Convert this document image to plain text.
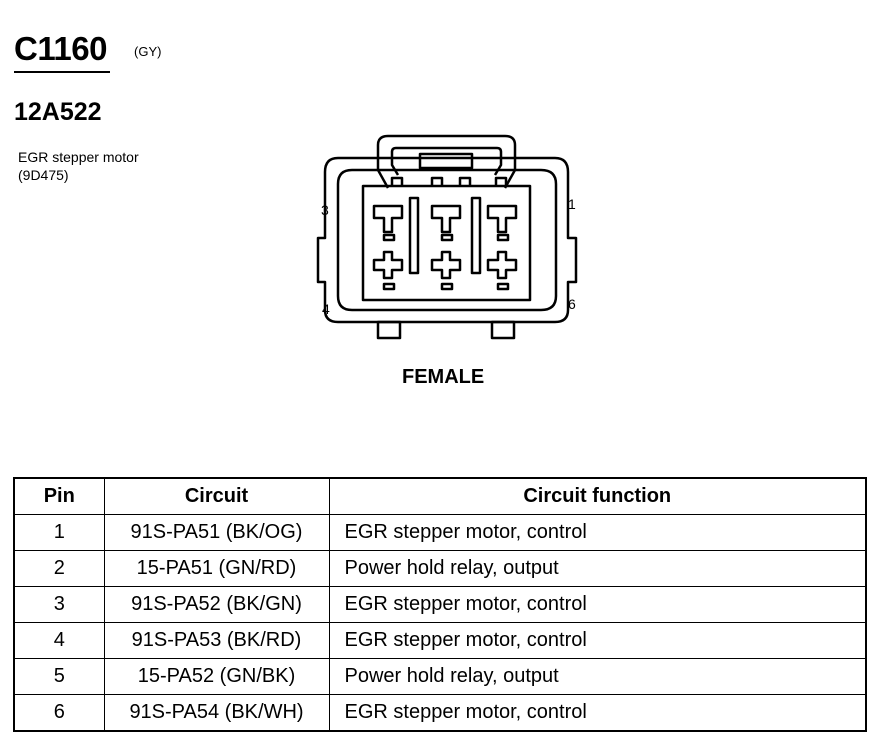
C1160 (GY)
12A522
EGR stepper motor
(9D475)
3	1
4	6
FEMALE
Pin	Circuit	Circuit function
1	91S-PA51 (BK/OG)	EGR stepper motor, control
2	15-PA51 (GN/RD)	Power hold relay, output
3	91S-PA52 (BK/GN)	EGR stepper motor, control
4	91S-PA53 (BK/RD)	EGR stepper motor, control
5	15-PA52 (GN/BK)	Power hold relay, output
6	91S-PA54 (BK/WH)	EGR stepper motor, control
